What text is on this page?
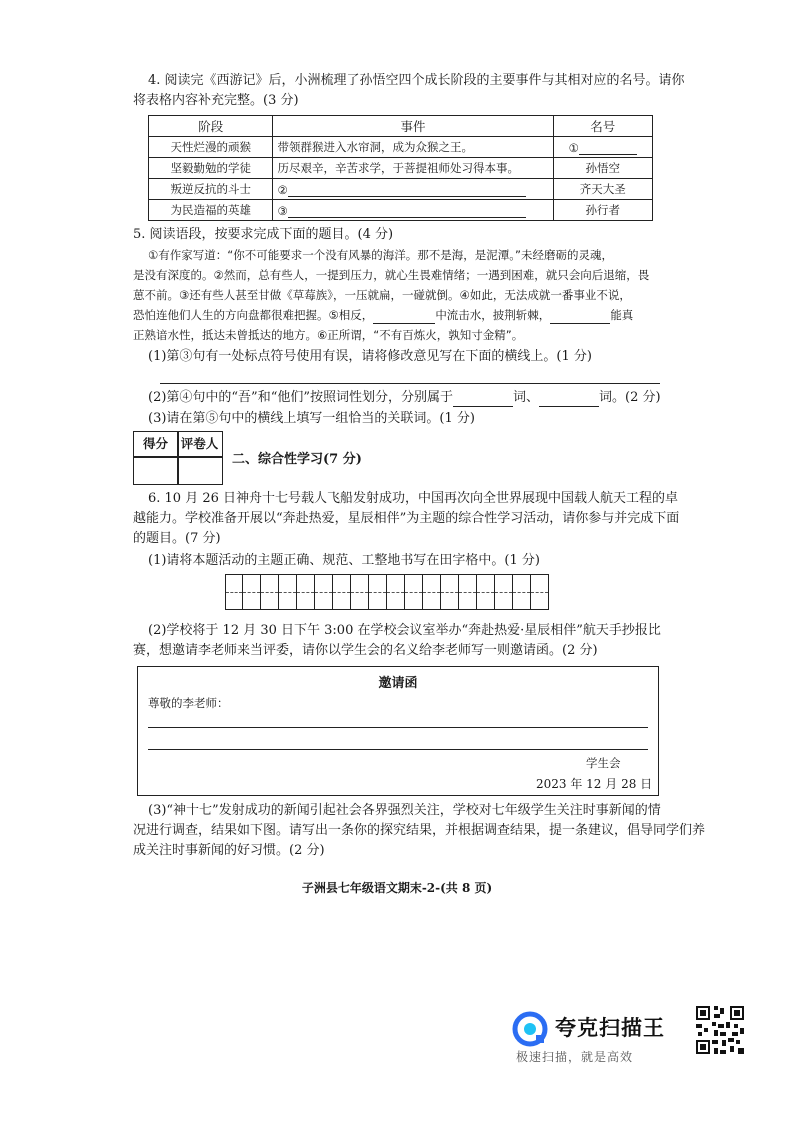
4. 阅读完《西游记》后，小洲梳理了孙悟空四个成长阶段的主要事件与其相对应的名号。请你
将表格内容补充完整。(3 分)
阶段	事件	名号
天性烂漫的顽猴	带领群猴进入水帘洞，成为众猴之王。	①
坚毅勤勉的学徒	历尽艰辛，辛苦求学，于菩提祖师处习得本事。	孙悟空
叛逆反抗的斗士	②	齐天大圣
为民造福的英雄	③	孙行者
5. 阅读语段，按要求完成下面的题目。(4 分)
①有作家写道：“你不可能要求一个没有风暴的海洋。那不是海，是泥潭。”未经磨砺的灵魂，
是没有深度的。②然而，总有些人，一提到压力，就心生畏难情绪；一遇到困难，就只会向后退缩，畏
葸不前。③还有些人甚至甘做《草莓族》，一压就扁，一碰就倒。④如此，无法成就一番事业不说，
恐怕连他们人生的方向盘都很难把握。⑤相反，	中流击水，披荆斩棘，	能真
正熟谙水性，抵达未曾抵达的地方。⑥正所谓，“不有百炼火，孰知寸金精”。
(1)第③句有一处标点符号使用有误，请将修改意见写在下面的横线上。(1 分)
(2)第④句中的“吾”和“他们”按照词性划分，分别属于	词、	词。(2 分)
(3)请在第⑤句中的横线上填写一组恰当的关联词。(1 分)
得分	评卷人
二、综合性学习(7 分)
6. 10 月 26 日神舟十七号载人飞船发射成功，中国再次向全世界展现中国载人航天工程的卓
越能力。学校准备开展以“奔赴热爱，星辰相伴”为主题的综合性学习活动，请你参与并完成下面
的题目。(7 分)
(1)请将本题活动的主题正确、规范、工整地书写在田字格中。(1 分)
(2)学校将于 12 月 30 日下午 3:00 在学校会议室举办“奔赴热爱·星辰相伴”航天手抄报比
赛，想邀请李老师来当评委，请你以学生会的名义给李老师写一则邀请函。(2 分)
邀请函
尊敬的李老师：
学生会
2023 年 12 月 28 日
(3)“神十七”发射成功的新闻引起社会各界强烈关注，学校对七年级学生关注时事新闻的情
况进行调查，结果如下图。请写出一条你的探究结果，并根据调查结果，提一条建议，倡导同学们养
成关注时事新闻的好习惯。(2 分)
子洲县七年级语文期末-2-(共 8 页)
夸克扫描王
极速扫描，就是高效
